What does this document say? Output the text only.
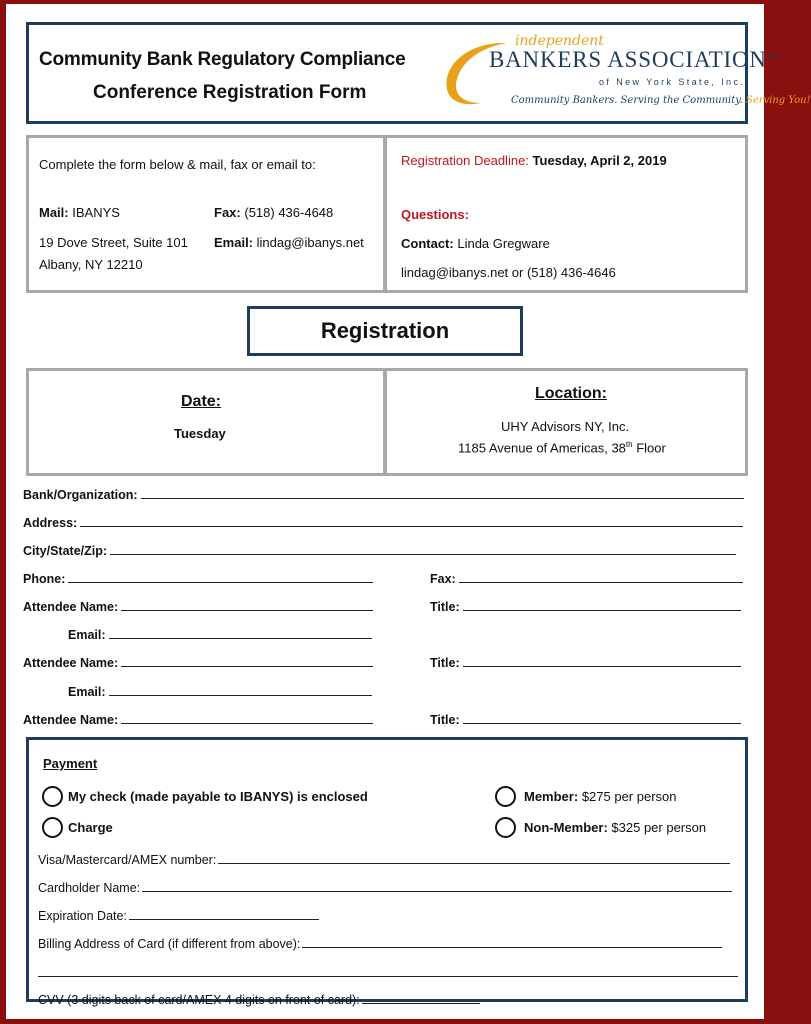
Community Bank Regulatory Compliance
Conference Registration Form
independent
BANKERS ASSOCIATION™
of New York State, Inc.
Community Bankers. Serving the Community. Serving You!
Complete the form below & mail, fax or email to:
Mail: IBANYS	Fax: (518) 436-4648
19 Dove Street, Suite 101
Albany, NY 12210
Email: lindag@ibanys.net
Registration Deadline: Tuesday, April 2, 2019
Questions:
Contact: Linda Gregware
lindag@ibanys.net or (518) 436-4646
Registration
Date:
Tuesday
Location:
UHY Advisors NY, Inc.
1185 Avenue of Americas, 38th Floor
Bank/Organization:
Address:
City/State/Zip:
Phone:	Fax:
Attendee Name:	Title:
Email:
Attendee Name:	Title:
Email:
Attendee Name:	Title:
Payment
My check (made payable to IBANYS) is enclosed
Charge
Member: $275 per person
Non-Member: $325 per person
Visa/Mastercard/AMEX number:
Cardholder Name:
Expiration Date:
Billing Address of Card (if different from above):
CVV (3 digits back of card/AMEX 4 digits on front of card):
